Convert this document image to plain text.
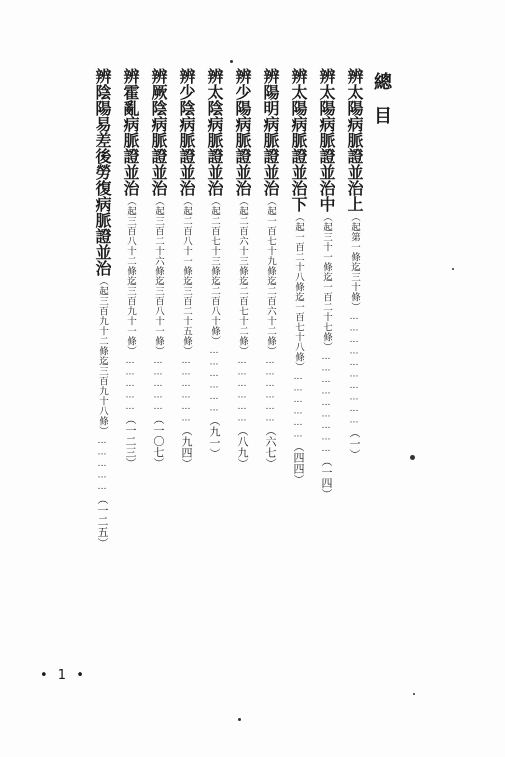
總目
辨太陽病脈證並治上（起第一條迄三十條）…………………………（一）
辨太陽病脈證並治中（起三十一條迄一百二十七條）………………………（一四）
辨太陽病脈證並治下（起一百二十八條迄一百七十八條）………………（四四）
辨陽明病脈證並治（起一百七十九條迄二百六十二條）………………（六七）
辨少陽病脈證並治（起二百六十三條迄二百七十二條）………………（八九）
辨太陰病脈證並治（起二百七十三條迄二百八十條）………………（九一）
辨少陰病脈證並治（起二百八十一條迄三百二十五條）………………（九四）
辨厥陰病脈證並治（起三百二十六條迄三百八十一條）……………（一〇七）
辨霍亂病脈證並治（起三百八十二條迄三百九十一條）……………（一二三）
辨陰陽易差後勞復病脈證並治（起三百九十二條迄三百九十八條）……………（一二五）
• 1 •
